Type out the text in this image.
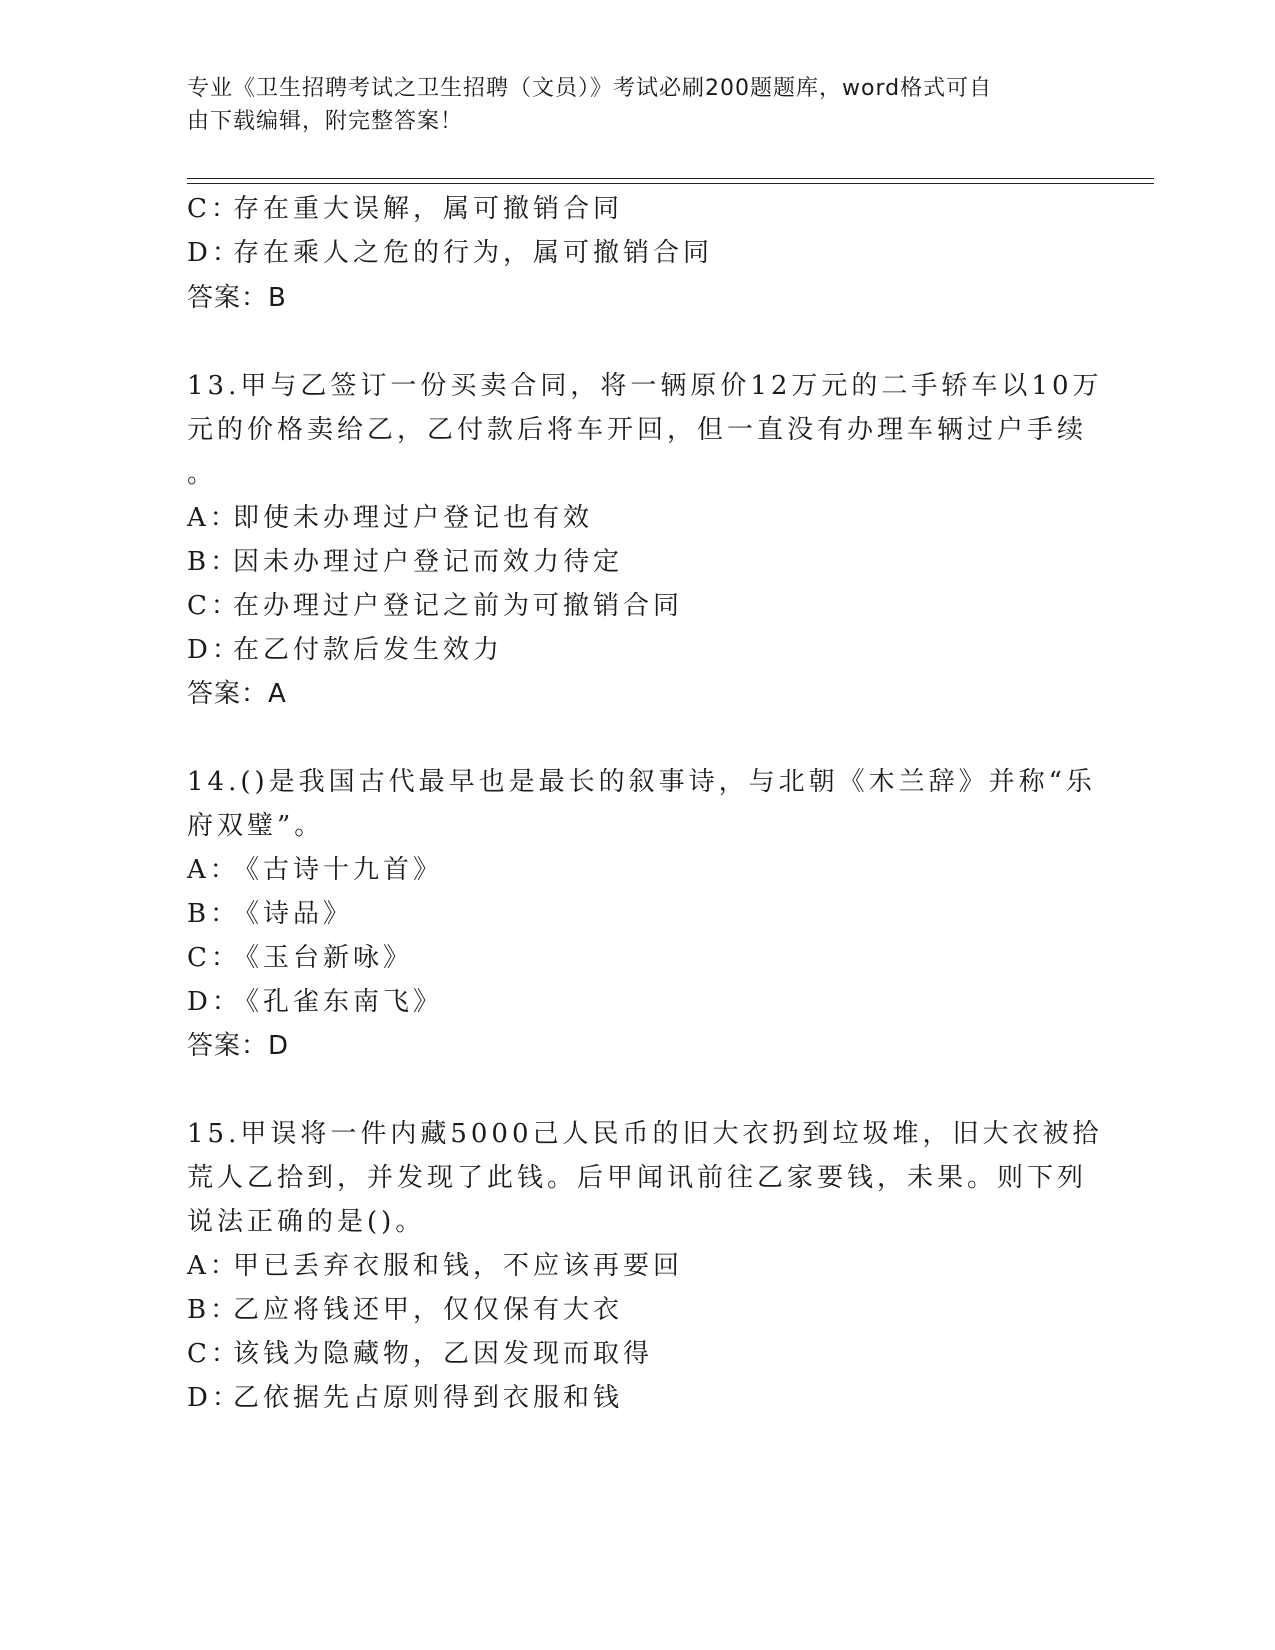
专业《卫生招聘考试之卫生招聘（文员）》考试必刷200题题库，word格式可自
由下载编辑，附完整答案！
C：存在重大误解，属可撤销合同
D：存在乘人之危的行为，属可撤销合同
答案：B
13.甲与乙签订一份买卖合同，将一辆原价12万元的二手轿车以10万
元的价格卖给乙，乙付款后将车开回，但一直没有办理车辆过户手续
。
A：即使未办理过户登记也有效
B：因未办理过户登记而效力待定
C：在办理过户登记之前为可撤销合同
D：在乙付款后发生效力
答案：A
14.()是我国古代最早也是最长的叙事诗，与北朝《木兰辞》并称“乐
府双璧”。
A：《古诗十九首》
B：《诗品》
C：《玉台新咏》
D：《孔雀东南飞》
答案：D
15.甲误将一件内藏5000己人民币的旧大衣扔到垃圾堆，旧大衣被拾
荒人乙拾到，并发现了此钱。后甲闻讯前往乙家要钱，未果。则下列
说法正确的是()。
A：甲已丢弃衣服和钱，不应该再要回
B：乙应将钱还甲，仅仅保有大衣
C：该钱为隐藏物，乙因发现而取得
D：乙依据先占原则得到衣服和钱
